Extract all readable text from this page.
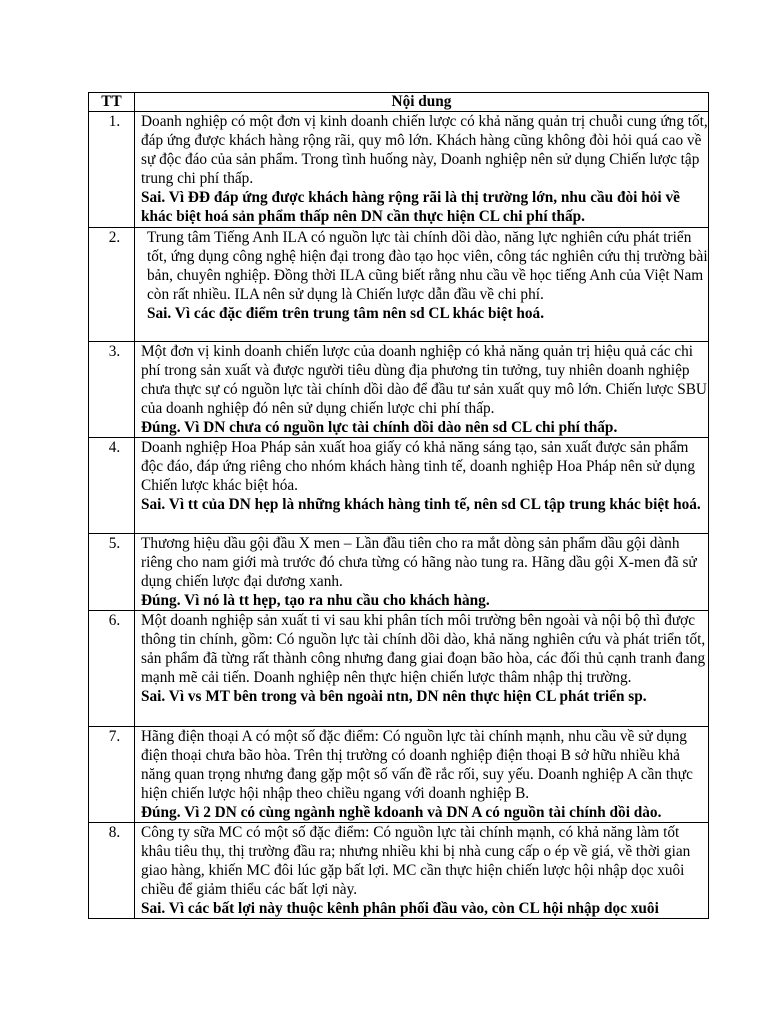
TT	Nội dung
1.	Doanh nghiệp có một đơn vị kinh doanh chiến lược có khả năng quản trị chuỗi cung ứng tốt, đáp ứng được khách hàng rộng rãi, quy mô lớn. Khách hàng cũng không đòi hỏi quá cao về sự độc đáo của sản phẩm. Trong tình huống này, Doanh nghiệp nên sử dụng Chiến lược tập trung chi phí thấp.
Sai. Vì ĐĐ đáp ứng được khách hàng rộng rãi là thị trường lớn, nhu cầu đòi hỏi về khác biệt hoá sản phẩm thấp nên DN cần thực hiện CL chi phí thấp.

2.	Trung tâm Tiếng Anh ILA có nguồn lực tài chính dồi dào, năng lực nghiên cứu phát triển tốt, ứng dụng công nghệ hiện đại trong đào tạo học viên, công tác nghiên cứu thị trường bài bản, chuyên nghiệp. Đồng thời ILA cũng biết rằng nhu cầu về học tiếng Anh của Việt Nam còn rất nhiều. ILA nên sử dụng là Chiến lược dẫn đầu về chi phí.
Sai. Vì các đặc điểm trên trung tâm nên sd CL khác biệt hoá.

3.	Một đơn vị kinh doanh chiến lược của doanh nghiệp có khả năng quản trị hiệu quả các chi phí trong sản xuất và được người tiêu dùng địa phương tin tưởng, tuy nhiên doanh nghiệp chưa thực sự có nguồn lực tài chính dồi dào để đầu tư sản xuất quy mô lớn. Chiến lược SBU của doanh nghiệp đó nên sử dụng chiến lược chi phí thấp.
Đúng. Vì DN chưa có nguồn lực tài chính dồi dào nên sd CL chi phí thấp.

4.	Doanh nghiệp Hoa Pháp sản xuất hoa giấy có khả năng sáng tạo, sản xuất được sản phẩm độc đáo, đáp ứng riêng cho nhóm khách hàng tinh tế, doanh nghiệp Hoa Pháp nên sử dụng Chiến lược khác biệt hóa.
Sai. Vì tt của DN hẹp là những khách hàng tinh tế, nên sd CL tập trung khác biệt hoá.

5.	Thương hiệu dầu gội đầu X men – Lần đầu tiên cho ra mắt dòng sản phẩm dầu gội dành riêng cho nam giới mà trước đó chưa từng có hãng nào tung ra. Hãng dầu gội X-men đã sử dụng chiến lược đại dương xanh.
Đúng. Vì nó là tt hẹp, tạo ra nhu cầu cho khách hàng.

6.	Một doanh nghiệp sản xuất ti vi sau khi phân tích môi trường bên ngoài và nội bộ thì được thông tin chính, gồm: Có nguồn lực tài chính dồi dào, khả năng nghiên cứu và phát triển tốt, sản phẩm đã từng rất thành công nhưng đang giai đoạn bão hòa, các đối thủ cạnh tranh đang mạnh mẽ cải tiến. Doanh nghiệp nên thực hiện chiến lược thâm nhập thị trường.
Sai. Vì vs MT bên trong và bên ngoài ntn, DN nên thực hiện CL phát triển sp.

7.	Hãng điện thoại A có một số đặc điểm: Có nguồn lực tài chính mạnh, nhu cầu về sử dụng điện thoại chưa bão hòa. Trên thị trường có doanh nghiệp điện thoại B sở hữu nhiều khả năng quan trọng nhưng đang gặp một số vấn đề rắc rối, suy yếu. Doanh nghiệp A cần thực hiện chiến lược hội nhập theo chiều ngang với doanh nghiệp B.
Đúng. Vì 2 DN có cùng ngành nghề kdoanh và DN A có nguồn tài chính dồi dào.

8.	Công ty sữa MC có một số đặc điểm: Có nguồn lực tài chính mạnh, có khả năng làm tốt khâu tiêu thụ, thị trường đầu ra; nhưng nhiều khi bị nhà cung cấp o ép về giá, về thời gian giao hàng, khiến MC đôi lúc gặp bất lợi. MC cần thực hiện chiến lược hội nhập dọc xuôi chiều để giảm thiểu các bất lợi này.
Sai. Vì các bất lợi này thuộc kênh phân phối đầu vào, còn CL hội nhập dọc xuôi
